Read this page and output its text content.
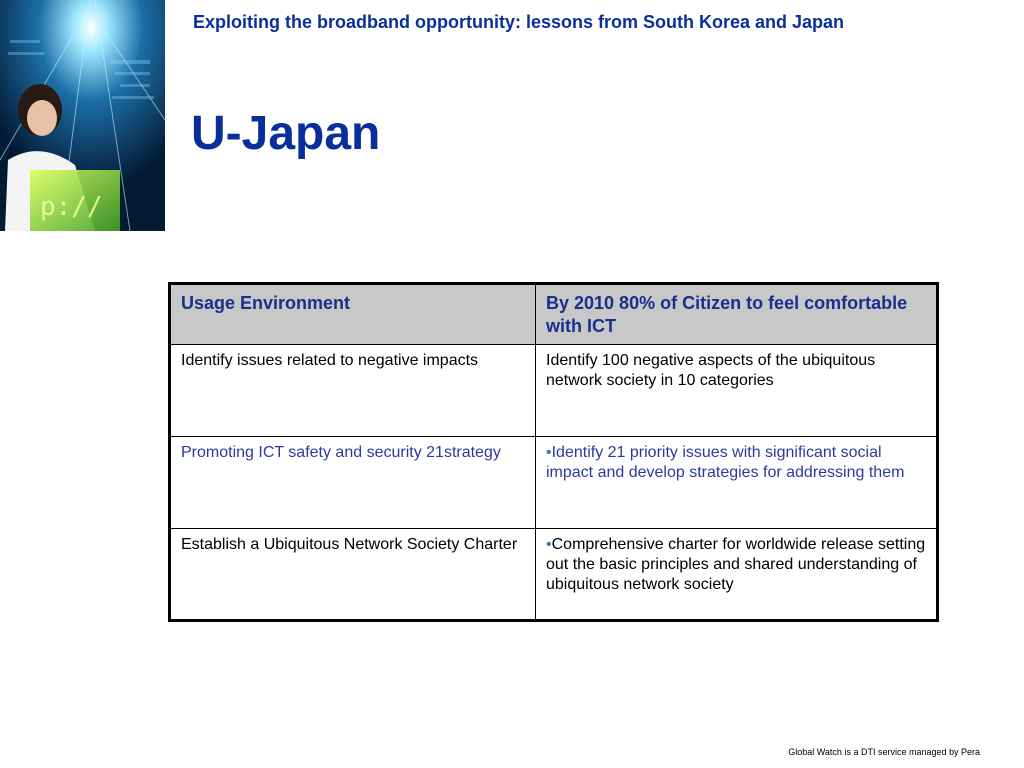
p://
Exploiting the broadband opportunity: lessons from South Korea and Japan
U-Japan
Usage Environment	By 2010 80% of Citizen to feel comfortable with ICT
Identify issues related to negative impacts	Identify 100 negative aspects of the ubiquitous network society in 10 categories
Promoting ICT safety and security 21strategy	•Identify 21 priority issues with significant social impact and develop strategies for addressing them
Establish a Ubiquitous Network Society Charter	•Comprehensive charter for worldwide release setting out the basic principles and shared understanding of ubiquitous network society
Global Watch is a DTI service managed by Pera
